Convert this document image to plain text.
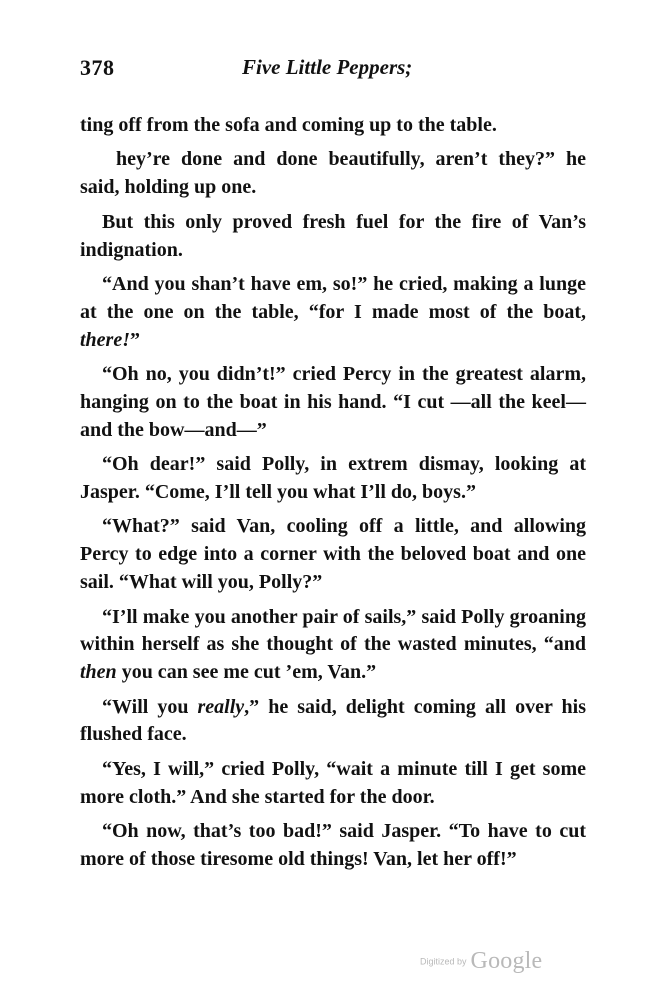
378	Five Little Peppers;

ting off from the sofa and coming up to the table.

hey’re done and done beautifully, aren’t they?” he said, holding up one.

But this only proved fresh fuel for the fire of Van’s indignation.

“And you shan’t have em, so!” he cried, making a lunge at the one on the table, “for I made most of the boat, there!”

“Oh no, you didn’t!” cried Percy in the greatest alarm, hanging on to the boat in his hand. “I cut —all the keel—and the bow—and—”

“Oh dear!” said Polly, in extrem dismay, looking at Jasper. “Come, I’ll tell you what I’ll do, boys.”

“What?” said Van, cooling off a little, and allowing Percy to edge into a corner with the beloved boat and one sail. “What will you, Polly?”

“I’ll make you another pair of sails,” said Polly groaning within herself as she thought of the wasted minutes, “and then you can see me cut ’em, Van.”

“Will you really,” he said, delight coming all over his flushed face.

“Yes, I will,” cried Polly, “wait a minute till I get some more cloth.” And she started for the door.

“Oh now, that’s too bad!” said Jasper. “To have to cut more of those tiresome old things! Van, let her off!”

Digitized by Google
